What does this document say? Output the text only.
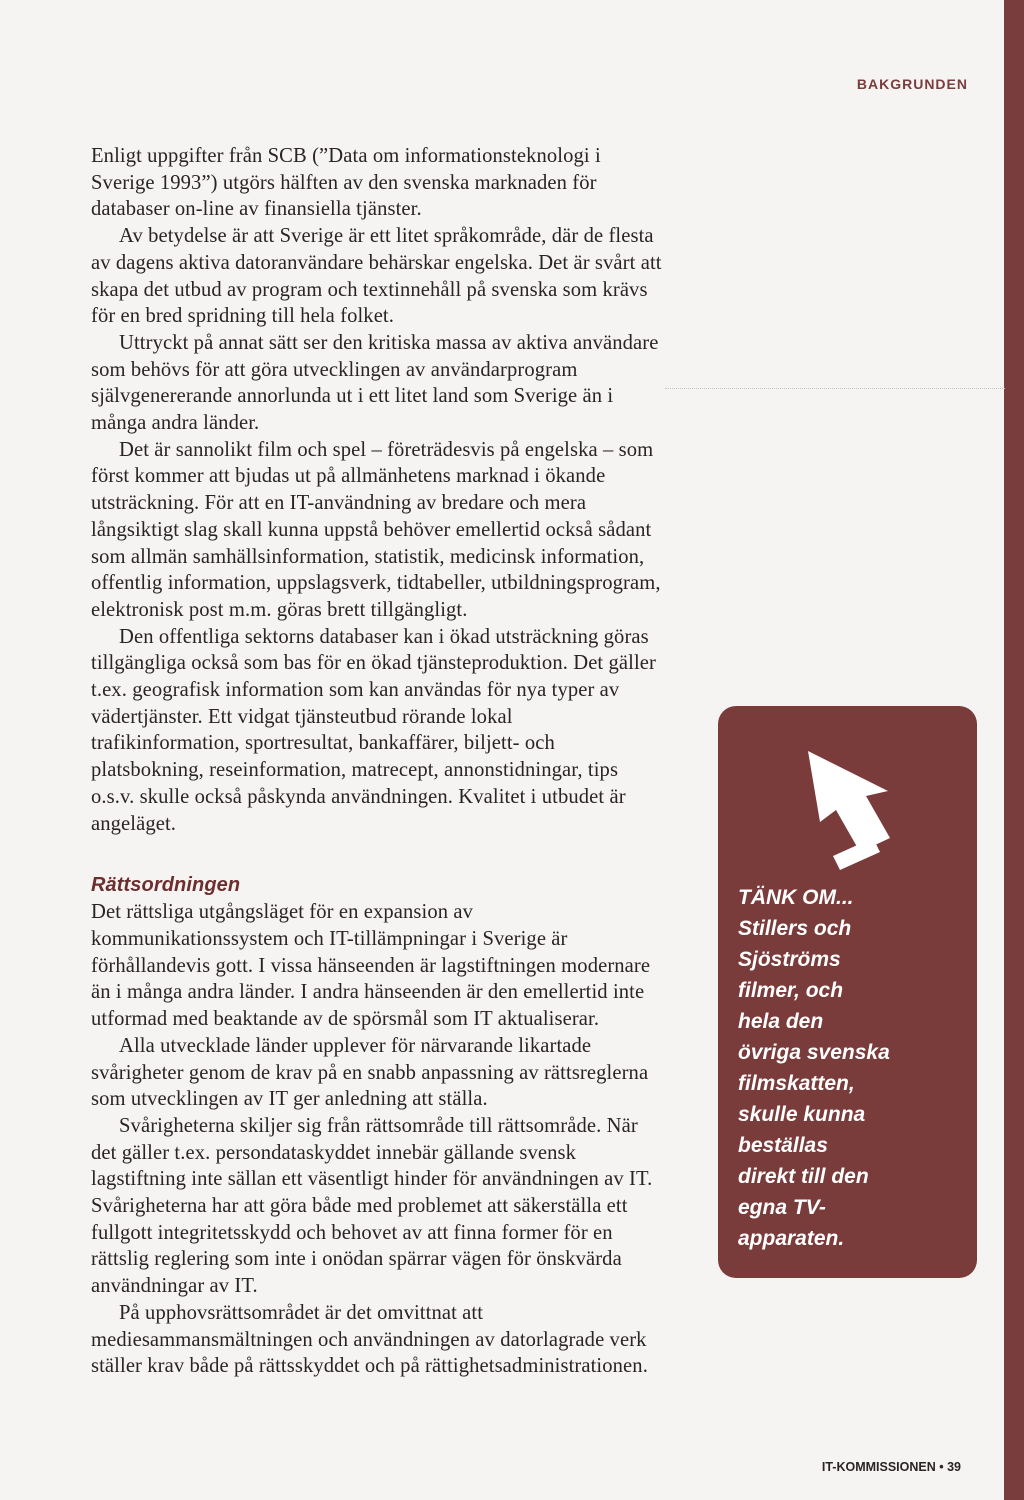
BAKGRUNDEN

Enligt uppgifter från SCB (”Data om informationsteknologi i Sverige 1993”) utgörs hälften av den svenska marknaden för databaser on-line av finansiella tjänster.

Av betydelse är att Sverige är ett litet språkområde, där de flesta av dagens aktiva datoranvändare behärskar engelska. Det är svårt att skapa det utbud av program och textinnehåll på svenska som krävs för en bred spridning till hela folket.

Uttryckt på annat sätt ser den kritiska massa av aktiva användare som behövs för att göra utvecklingen av användarprogram självgenererande annorlunda ut i ett litet land som Sverige än i många andra länder.

Det är sannolikt film och spel – företrädesvis på engelska – som först kommer att bjudas ut på allmänhetens marknad i ökande utsträckning. För att en IT-användning av bredare och mera långsiktigt slag skall kunna uppstå behöver emellertid också sådant som allmän samhällsinformation, statistik, medicinsk information, offentlig information, uppslagsverk, tidtabeller, utbildningsprogram, elektronisk post m.m. göras brett tillgängligt.

Den offentliga sektorns databaser kan i ökad utsträckning göras tillgängliga också som bas för en ökad tjänsteproduktion. Det gäller t.ex. geografisk information som kan användas för nya typer av vädertjänster. Ett vidgat tjänsteutbud rörande lokal trafikinformation, sportresultat, bankaffärer, biljett- och platsbokning, reseinformation, matrecept, annonstidningar, tips o.s.v. skulle också påskynda användningen. Kvalitet i utbudet är angeläget.

Rättsordningen

Det rättsliga utgångsläget för en expansion av kommunikationssystem och IT-tillämpningar i Sverige är förhållandevis gott. I vissa hänseenden är lagstiftningen modernare än i många andra länder. I andra hänseenden är den emellertid inte utformad med beaktande av de spörsmål som IT aktualiserar.

Alla utvecklade länder upplever för närvarande likartade svårigheter genom de krav på en snabb anpassning av rättsreglerna som utvecklingen av IT ger anledning att ställa.

Svårigheterna skiljer sig från rättsområde till rättsområde. När det gäller t.ex. persondataskyddet innebär gällande svensk lagstiftning inte sällan ett väsentligt hinder för användningen av IT. Svårigheterna har att göra både med problemet att säkerställa ett fullgott integritetsskydd och behovet av att finna former för en rättslig reglering som inte i onödan spärrar vägen för önskvärda användningar av IT.

På upphovsrättsområdet är det omvittnat att mediesammansmältningen och användningen av datorlagrade verk ställer krav både på rättsskyddet och på rättighetsadministrationen.

TÄNK OM...
Stillers och
Sjöströms
filmer, och
hela den
övriga svenska
filmskatten,
skulle kunna
beställas
direkt till den
egna TV-
apparaten.

IT-KOMMISSIONEN • 39
